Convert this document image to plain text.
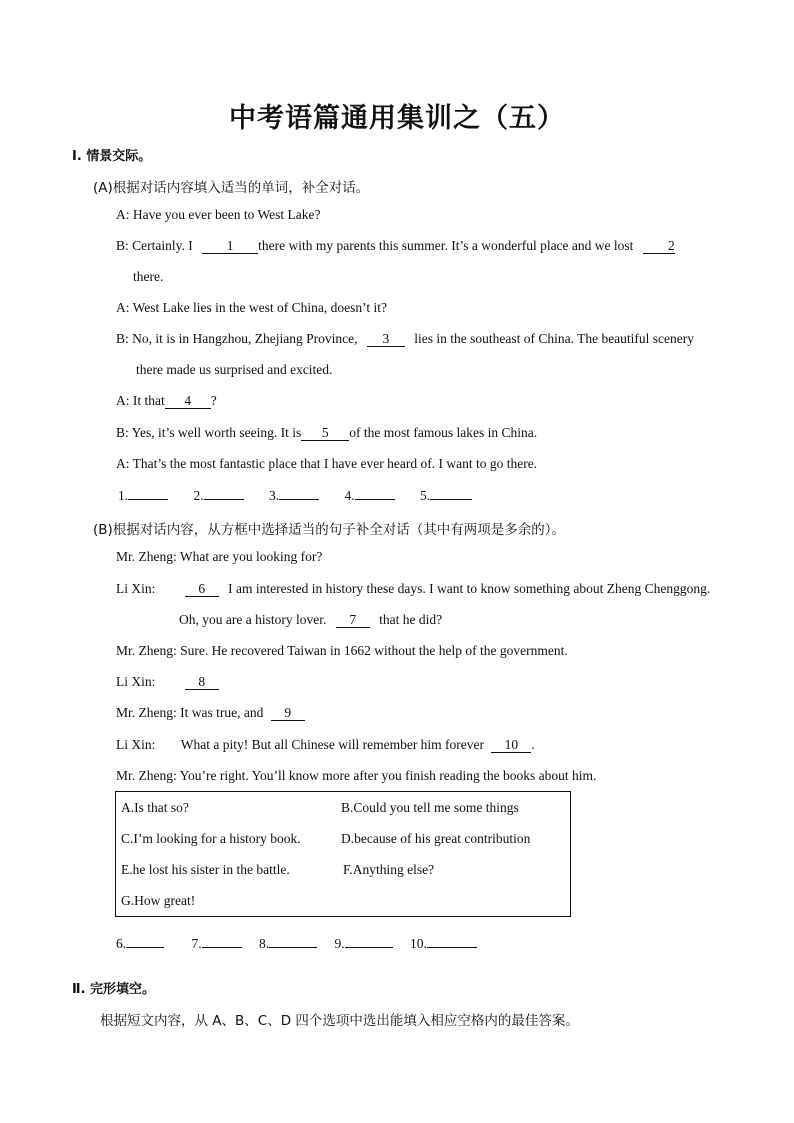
中考语篇通用集训之（五）
Ⅰ. 情景交际。
(A)根据对话内容填入适当的单词，补全对话。
A: Have you ever been to West Lake?
B: Certainly. I	1 there with my parents this summer. It’s a wonderful place and we lost	2
there.
A: West Lake lies in the west of China, doesn’t it?
B: No, it is in Hangzhou, Zhejiang Province, 3 lies in the southeast of China. The beautiful scenery
there made us surprised and excited.
A: It that 4 ?
B: Yes, it’s well worth seeing. It is 5 of the most famous lakes in China.
A: That’s the most fantastic place that I have ever heard of. I want to go there.
1.	2.	3.	4.	5.
(B)根据对话内容，从方框中选择适当的句子补全对话（其中有两项是多余的）。
Mr. Zheng: What are you looking for?
Li Xin:	6 I am interested in history these days. I want to know something about Zheng Chenggong.
Oh, you are a history lover. 7 that he did?
Mr. Zheng: Sure. He recovered Taiwan in 1662 without the help of the government.
Li Xin:	8
Mr. Zheng: It was true, and 9
Li Xin: What a pity! But all Chinese will remember him forever 10 .
Mr. Zheng: You’re right. You’ll know more after you finish reading the books about him.
A.Is that so?	B.Could you tell me some things
C.I’m looking for a history book.	D.because of his great contribution
E.he lost his sister in the battle.	F.Anything else?
G.How great!
6.	7.	8.	9.	10.
Ⅱ. 完形填空。
根据短文内容，从 A、B、C、D 四个选项中选出能填入相应空格内的最佳答案。
